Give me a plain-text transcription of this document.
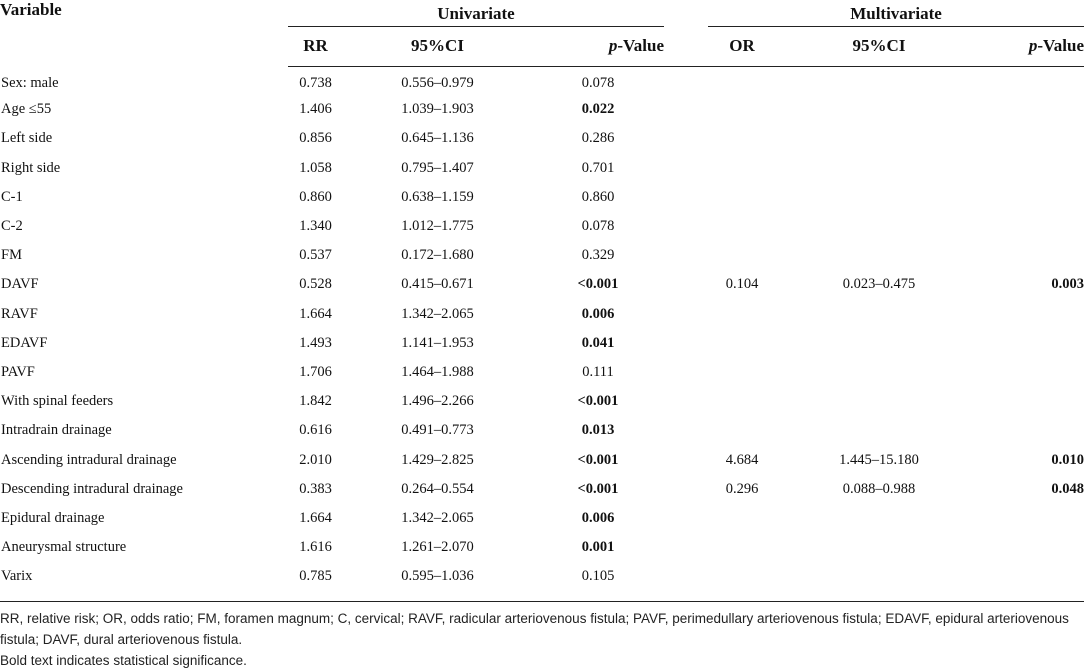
Variable	Univariate				Multivariate		
	RR	95%CI	p-Value		OR	95%CI	p-Value
Sex: male	0.738	0.556–0.979	0.078				
Age ≤55	1.406	1.039–1.903	0.022				
Left side	0.856	0.645–1.136	0.286				
Right side	1.058	0.795–1.407	0.701				
C-1	0.860	0.638–1.159	0.860				
C-2	1.340	1.012–1.775	0.078				
FM	0.537	0.172–1.680	0.329				
DAVF	0.528	0.415–0.671	<0.001		0.104	0.023–0.475	0.003
RAVF	1.664	1.342–2.065	0.006				
EDAVF	1.493	1.141–1.953	0.041				
PAVF	1.706	1.464–1.988	0.111				
With spinal feeders	1.842	1.496–2.266	<0.001				
Intradrain drainage	0.616	0.491–0.773	0.013				
Ascending intradural drainage	2.010	1.429–2.825	<0.001		4.684	1.445–15.180	0.010
Descending intradural drainage	0.383	0.264–0.554	<0.001		0.296	0.088–0.988	0.048
Epidural drainage	1.664	1.342–2.065	0.006				
Aneurysmal structure	1.616	1.261–2.070	0.001				
Varix	0.785	0.595–1.036	0.105				

RR, relative risk; OR, odds ratio; FM, foramen magnum; C, cervical; RAVF, radicular arteriovenous fistula; PAVF, perimedullary arteriovenous fistula; EDAVF, epidural arteriovenous fistula; DAVF, dural arteriovenous fistula.

Bold text indicates statistical significance.
